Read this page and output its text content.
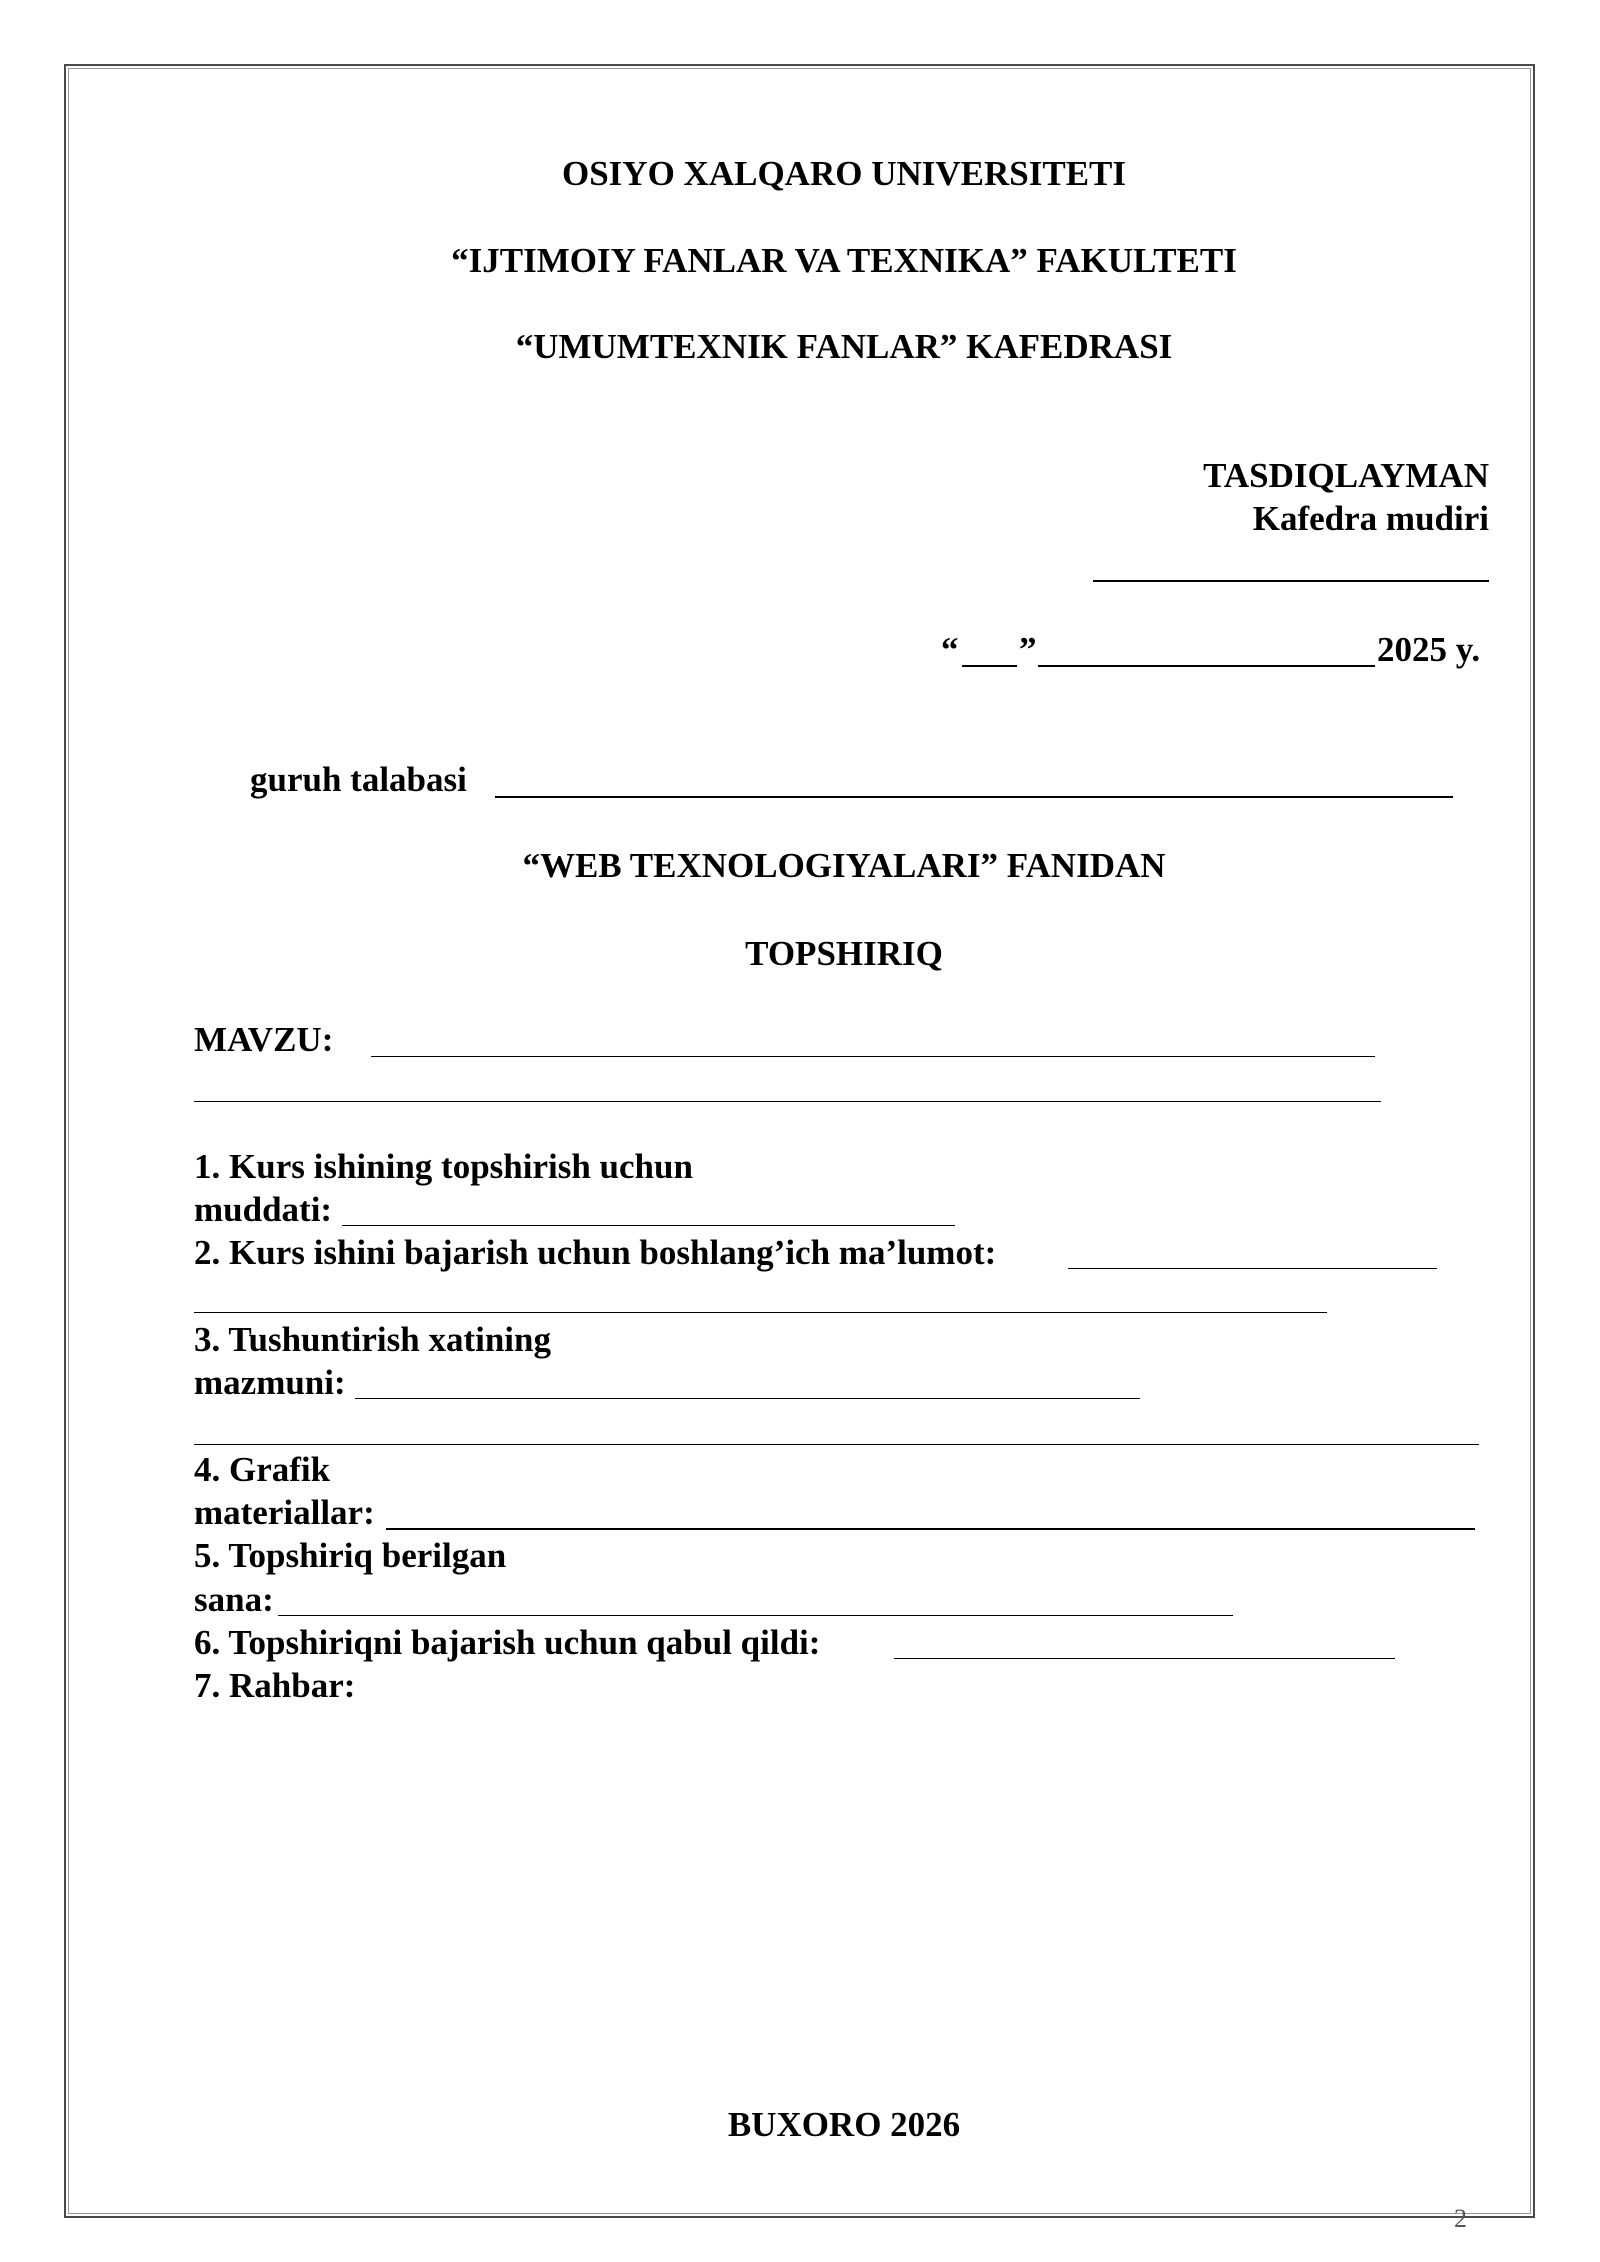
OSIYO XALQARO UNIVERSITETI
“IJTIMOIY FANLAR VA TEXNIKA” FAKULTETI
“UMUMTEXNIK FANLAR” KAFEDRASI
TASDIQLAYMAN
Kafedra mudiri
“ ”	2025 y.
guruh talabasi
“WEB TEXNOLOGIYALARI” FANIDAN
TOPSHIRIQ
MAVZU:
1. Kurs ishining topshirish uchun
muddati:
2. Kurs ishini bajarish uchun boshlang’ich ma’lumot:
3. Tushuntirish xatining
mazmuni:
4. Grafik
materiallar:
5. Topshiriq berilgan
sana:
6. Topshiriqni bajarish uchun qabul qildi:
7. Rahbar:
BUXORO 2026
2
